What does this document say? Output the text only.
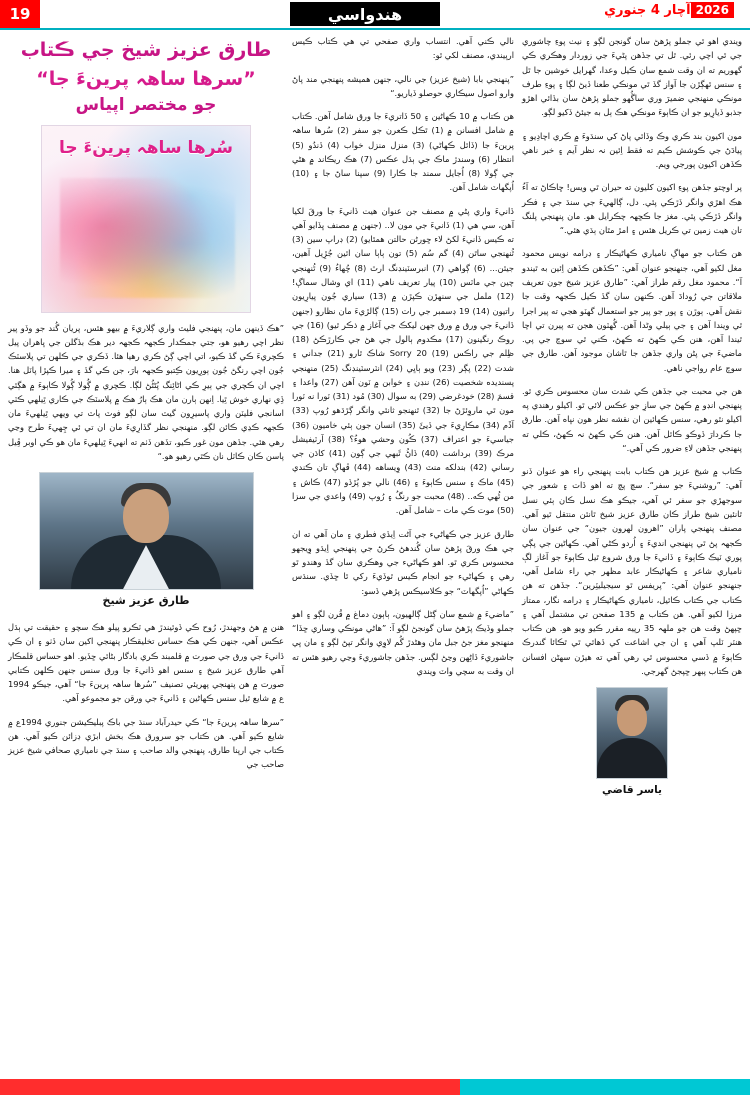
19	هندواسي	2026آچار 4 جنوري
طارق عزيز شيخ جي ڪتاب
”سرھا ساهہ پرينءَ جا“
جو مختصر اپياس
سُرھا ساهہ پرينءَ جا

”هڪ ڏينهن مان، پنهنجي فليٽ واري ڳلاريءَ ۾ بيهو هئس، پريان گُند جو وڏو پير نظر اچي رهيو هو، جتي جمڪدار ڪجهہ ڪجهہ دير هڪ بڏگلن جي ڀاهران پيل ڪچريءَ ڪي گڏ ڪيو، اتي اچي ڳڻ ڪري رهيا هئا. ڏڪري جي ڪلهن تي پلاسٽڪ جُون اچي رنگڻ جُون ٻورِيون ڪِتبو ڪجهہ بارَ، جن ڪي گڏ ۽ ميرا ڪپڙا پاٽل هنا. اچي ان ڪچري جي ٻيرِ ڪي اڻائِنگ پُڻڻُڻ لڳا. ڪچري ۾ ڳُولا ڳُولا ڪاٻوءَ ۾ هڳئي ڏِي نهاري خوش ٿِيا. اِنهن ٻارن مان هڪ ٻارُ هڪ ۾ پلاسٽڪ جي ڪاري ٿِيلهي ڪٽي اسانجي فليٽن واري پاسيرِون گيٽ سان لڳو فوٽ پاٽ تي ويهي ٿِيلهيءَ مان ڪجهہ ڪڍي ڪائن لڳو. منهنجي نظر گڏارِيءَ مان ان تي ئي ڄِهيءَ طرح وڃي رهي هئي. جڏهن مون غور ڪيو، تڏهن ڏٺم ته انهيءَ ٿِيلهيءَ مان هو ڪي اوبر ڦِيل پاسن ڪان ڪاٽل نان ڪٿي رهيو هو.“

طارق عزيز شيخ

هنن ۾ هڻ وجهندڙ، رُوح ڪي ڏوئيندڙ هي ٽڪرو پيلو هڪ سچو ۽ حقيقت تي ٻڌل عڪس آهي، جنهن ڪي هڪ حساس تخليقڪار پنهنجي اکين سان ڏٺو ۽ ان ڪي ڏانيءَ جي ورق جي صورت ۾ قلمبند ڪري بادگار بڻائي ڇڏيو. اهو حساس قلمڪار آهي طارق عزيز شيخ ۽ سنس اهو ڏانيءَ جا ورق سنس جنهن ڪلهن ڪتابي صورت ۾ هن پنهنجي پهريئي تصنيف ”سُرھا ساهہ پرينءَ جا“ آهي، جيڪو 1994 ع ۾ شايع ٿيل سنس ڪهاڻين ۽ ڏانيءَ جي ورقن جو مجموعو آهي.

”سرها ساهہ پرينءَ جا“ ڪي حيدرآباد سنڌ جي باڪ پبليڪيشن جنوري 1994ع ۾ شايع ڪيو آهي. هن ڪتاب جو سرورق هڪ بخش ابڙي ڊزائن ڪيو آهي. هن ڪتاب جي ارپنا طارق، پنهنجي والد صاحب ۽ سنڌ جي نامياري صحافي شيخ عزيز صاحب جي

نالي ڪني آهي. انتساب واري صفحي تي هي ڪتاب ڪيس ارپيندي، مصنف لکي ٿو:

”پنهنجي بابا (شيخ عزيز) جي نالي، جنهن هميشه پنهنجي مند پاڻ وارو اصول سيڪاري حوصلو ڏياريو.“

هن ڪتاب ۾ 10 ڪهاڻين ۽ 50 ڏاتريءَ جا ورق شامل آهن. ڪتاب ۾ شامل افسانن ۾ (1) ٿڪل ڪعرن جو سفر (2) سُرھا ساهہ پرينءَ جا (ڏائل ڪهاڻي) (3) منزل منزل خواب (4) ڏندُو (5) انتظار (6) وسندڙ ماڪ جي ٻڌل عڪس (7) هڪ ريڪاند ۾ هڻي جي ڳولا (8) اُجايل سمند جا ڪارا (9) سپنا ساڻ جا ۽ (10) اُپگهاٽ شامل آهن.

ڏانيءَ واري پڻي ۾ مصنف جن عنوان هيٺ ڏانيءَ جا ورقَ لکيا آهن، سي هي (1) ڏانيءَ جي مون لا.. (جنهن ۾ مصنف ڀڏايو آهي ته ڪيس ڏانيءَ لکڻ لاء ڇورڻن حالتن همٿايو) (2) ڊراپ سين (3) ٿُنهنجي ساٿن (4) گم سُم (5) تون ٻاٻا سان ائين جُڙِيل آهين، جيئن... (6) ڳواهي (7) انبرسٽينڊنگ ارٿ (8) چُهاءُ (9) ٿُنهنجي چين جي ماٽس (10) پيار تعريف ناهي (11) اي وشال سماڳ! (12) ململ جي سنهڙن ڪپڙن ۾ (13) سياري جُون پيارِيون راتيون (14) 19 ڊسمبر جي رات (15) ڳالڙيءَ مان نظارو (جنهن ڏانيءَ جي ورق ۾ ورق جهن ليکڪ جي آغاز ۾ ذڪر ٿيو) (16) جي روڪ رنگينون (17) مڪدوم ٻالول جي هڻ جي ڪارڙڪڻ (18) ظِلم جي راڪس (19) 20 Sorry شاڪ ٿارو (21) جداني ۽ شدت (22) پڳر (23) ويو ٻاڀي (24) انٽرسٽينڊنگ (25) منهنجي پسنديده شخصيت (26) ننڊن ۽ خوابن ۾ ٽون آهن (27) واعدا ۽ قسمَ (28) خودغرضي (29) به سوال (30) مُود (31) ٽورا نه ٽورا مون ٿي ماروِئڙڻ جا (32) ٿنهنجو ثانئي وانگر ڳڙڌهو رُوپ (33) آڏَم (34) مڪارِيءَ جي ڏيئَ (35) انسان جون ٻئي خاميون (36) جياسيءَ جو اعتراف (37) ڪُون وحشي هوءُ؟ (38) آرٽيفيشل مرڪ (39) برداشت (40) ڏاڻُ ٿَبهي جي ڳون (41) کاڌن جي رساني (42) بندلکه منٽ (43) وِيساهه (44) ڦهاڳ تان ڪندي (45) ماڪ ۽ سنس ڪاٻوءَ ۽ (46) نالي جو پُڙڏو (47) ڪاش ۽ من ٿُهي ڪه.. (48) محبت جو رنگُ ۽ رُوپ (49) واعدي جي سزا (50) موت ڪي مات – شامل آهن.

طارق عزيز جي ڪهاڻيء جي آڻت اِيڏي فطري ۽ مان آهي ته ان جي هڪ ورقَ پڙهڻ سان گُندهڻ ڪرڻ جي پنهنجي اِيڌو وِيجهو محسوس ڪري ٿو. اهو ڪهاڻيء جي وهڪري سان گڏ وهندو ٿو رهي ۽ ڪهاڻيء جو انجام ڪيس ٿوڏيءَ رکي ٿا ڇڏي. سنڌس ڪهاڻي ”اُپگهاٽ“ جو ڪلاسيڪس پڙهي ڏسو:

”ماضيءَ ۾ شمع سان ڳڻل ڳالهيون، ٻاٻون دماغ ۾ قُرن لڳو ۽ اهو جملو وڏيڪ پڙهڻ سان گونجڻ لڳو آ: ”هاڻي مونڪي وساري ڇڏا“ منهنجو مغز جڻ جبل مان وهڻدڙ گُم لاوِي وانگر تپڻ لڳو ۽ مان ڀي جاشوريءَ ڏاڻِهن وڃڻ لڳس. جڏهن جاشوريءَ وڃي رهيو هئس ته ان وقت به سچي واٽ ويندي

ويندي اهو ٿي جملو پڙهڻ سان گونجن لڳو ۽ نيٺ پوءِ چاشوري جي ٿي اچي رئي. ٿل تي جڏهن پڻيءَ جي زوردار وهڪري ڪي گهوريم ته ان وقت شمع سان ڪيل وعدا، گهرايل خوشين جا ٿل ۽ سنس ٿهڳڙن جا آواز گڏ ٿي مونڪي طعنا ڏيڻ لڳا ۽ پوءِ طرف مونڪي منهنجي ضميرَ وري ساڱُهو جملو پڙهڻ سان بڏائي اهڙو جذبو ڏيارِيو جو ان ڪاٻوءَ مونڪي هڪ ٻل به جيئڻ ڏکيو لڳو.

مون اکيون بند ڪري وڪ وڏائي پاڻ کي سنڌوءَ ۾ ڪري اچادِيو ۽ پيادَڻ جي ڪوشش ڪيم ته فقط اِئين نہ نظر آيم ۽ خبر ناهي ڪڏهن اکيون پورجي ويم.

پر اوچتو جڏهن پوءِ اکيون کليون ته حيران ٿي ويس! ڇاڪاڻ ته آءُ هڪ اهڙي وانگر ڏڙڪي پئي. دل، ڳالهيءَ جي سنڌ جي ۽ فڪر وانگر ڏڙڪي پئي. مغز جا ڪڇهہ چڪرايل هو. مان پنهنجي پلنگ تان هيٺ زمين تي ڪريل هئس ۽ امڙ مٿان ٻڌي هئي.“

هن ڪتاب جو مهاڳ نامياري ڪهاڻيڪار ۽ ڊرامه نويس محمود مغل لکيو آهي، جنهنجو عنوان آهي: ”ڪڏهن ڪڏهن اِئين به ٿيندو آ“. محمود مغل رقم طراز آهي: ”طارق عزيز شيخ جون تعريف ملاقاتن جي رُودادَ آهن. ڪنهن سان گڏ ڪيل ڪجهہ وقت جا نقش آهي. ٻوڙن ۽ پور جو پير جو استعمال گهٽو هجي ته پير اجرا ٿي ويندا آهن ۽ جي ٻيلي وڻدا آهن. گُهٽون هجن ته پيرن تي اچا ٿيندا آهن، هنن ڪي ڪهڻ ته ڪهڻ، ڪني ٿي سوچ جي پي. ماضيءَ جي پڻن واري جڏهن جا ٿاشان موجود آهن. طارق جي سوچ عام رواجي ناهي.

هن جي محبت جي جڏهن ڪي شدت سان محسوس ڪري ٿو. پنهنجي انڊو ۾ ڪهڻ جي سازِ جو عڪس لائي ٿو. اکيلو رهندي په اکيلو نٿو رهي، سنس ڪهائين ان نقشه نظر هون نڀاه آهن. طارق جا ڪردارَ ڏوڪو ڪائل آهن. هنن ڪي ڪهڻ نہ ڪهڻ، ڪلي ته پنهنجي جڏهن لاءِ ضرور ڪي آهي.“

ڪتاب ۾ شيخ عزيز هن ڪتاب بابت پنهنجي راء هو عنوان ڏنو آهي: ”روشنيءَ جو سفر“. سچ پچ ته اهو ڏات ۽ شعور جي سوجهڙي جو سفر ئي آهي، جيڪو هڪ نسل ڪان ٻئي نسل ٿانئين شيخ طراز ڪان طارق عزيز شيخ ٿانئن منتقل ٿيو آهي. مصنف پنهنجي پاران ”اهرون لهرون جيون“ جي عنوان سان ڪجهہ پڻ ٿي پنهنجي انديءَ ۽ اُردو ڪڻي آهي. ڪهاڻين جي پڳي پوري ٽيڪ ڪاٻوءَ ۽ ڏانيءَ جا ورق شروع ٿيل ڪاٻوءَ جو آغاز لڳ نامياري شاعر ۽ ڪهاڻيڪار عابد مظهر جي راء شامل آهي، جنهنجو عنوان آهي: ”پريفس ٿو سيجيليٽِرين“. جڏهن ته هن ڪتاب جي ڪتاب ڪائيل، نامياري ڪهاڻيڪار ۽ ڊرامه نگار، ممتاز مرزا لکيو آهي. هن ڪتاب ۾ 135 صفحن تي مشتمل آهي ۽ ڇپهڻ وقت هن جو ملهہ 35 رپيه مقرر ڪيو ويو هو. هن ڪتاب هنٽر ٽلپ آهي ۽ ان جي اشاعت کي ڏهائي ٿي ٿڪائا گندرڪ ڪاٻوءَ ۾ ڏسي محسوس ٿي رهي آهي ته هيڙن سهڻن افسانن هن ڪتاب پبهر ڇپجڻ گهرجي.

ياسر قاضي
